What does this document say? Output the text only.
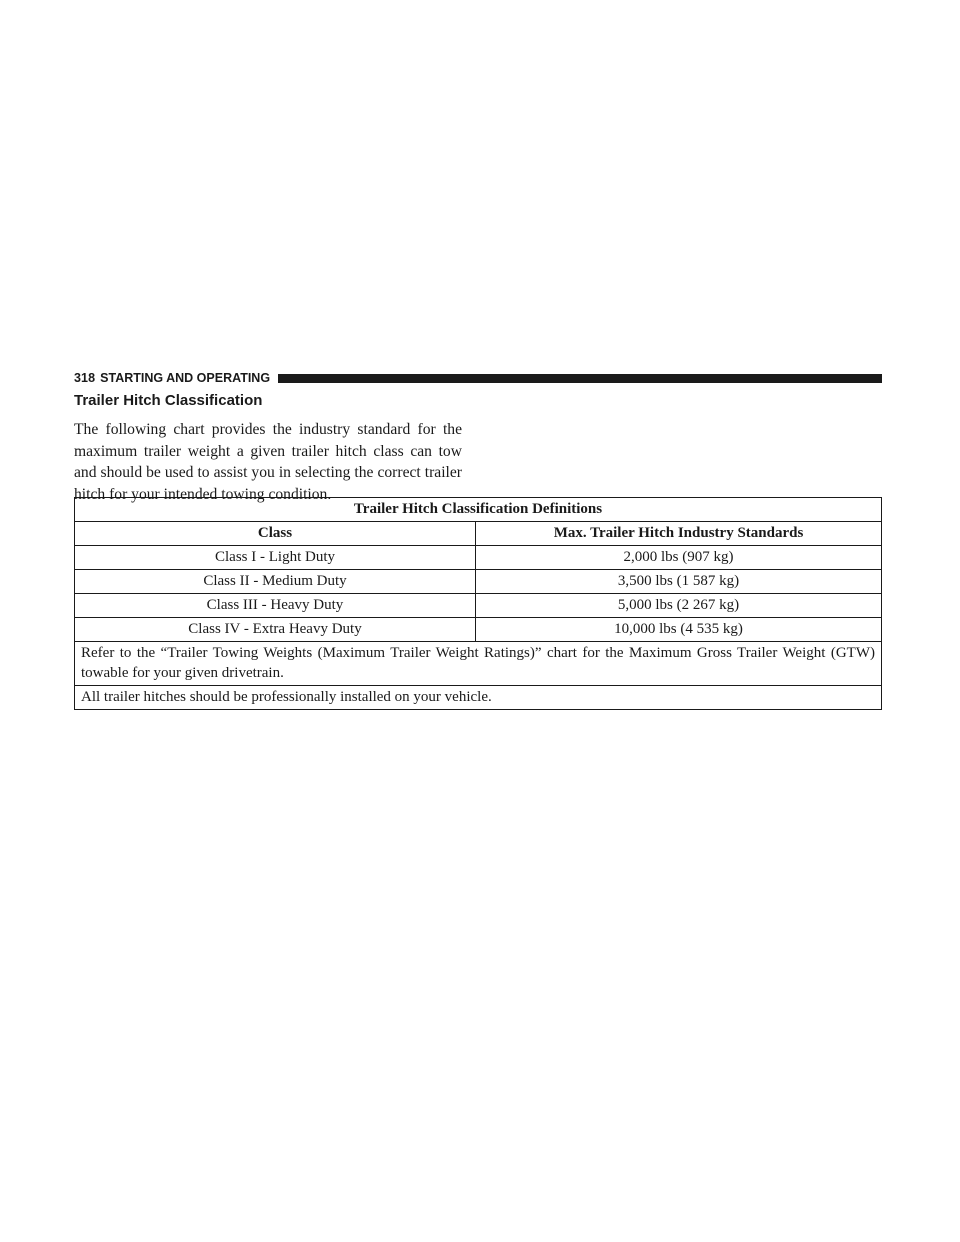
318 STARTING AND OPERATING
Trailer Hitch Classification

The following chart provides the industry standard for the maximum trailer weight a given trailer hitch class can tow and should be used to assist you in selecting the correct trailer hitch for your intended towing condition.

Trailer Hitch Classification Definitions	
Class	Max. Trailer Hitch Industry Standards
Class I - Light Duty	2,000 lbs (907 kg)
Class II - Medium Duty	3,500 lbs (1 587 kg)
Class III - Heavy Duty	5,000 lbs (2 267 kg)
Class IV - Extra Heavy Duty	10,000 lbs (4 535 kg)
Refer to the “Trailer Towing Weights (Maximum Trailer Weight Ratings)” chart for the Maximum Gross Trailer Weight (GTW) towable for your given drivetrain.	
All trailer hitches should be professionally installed on your vehicle.	
